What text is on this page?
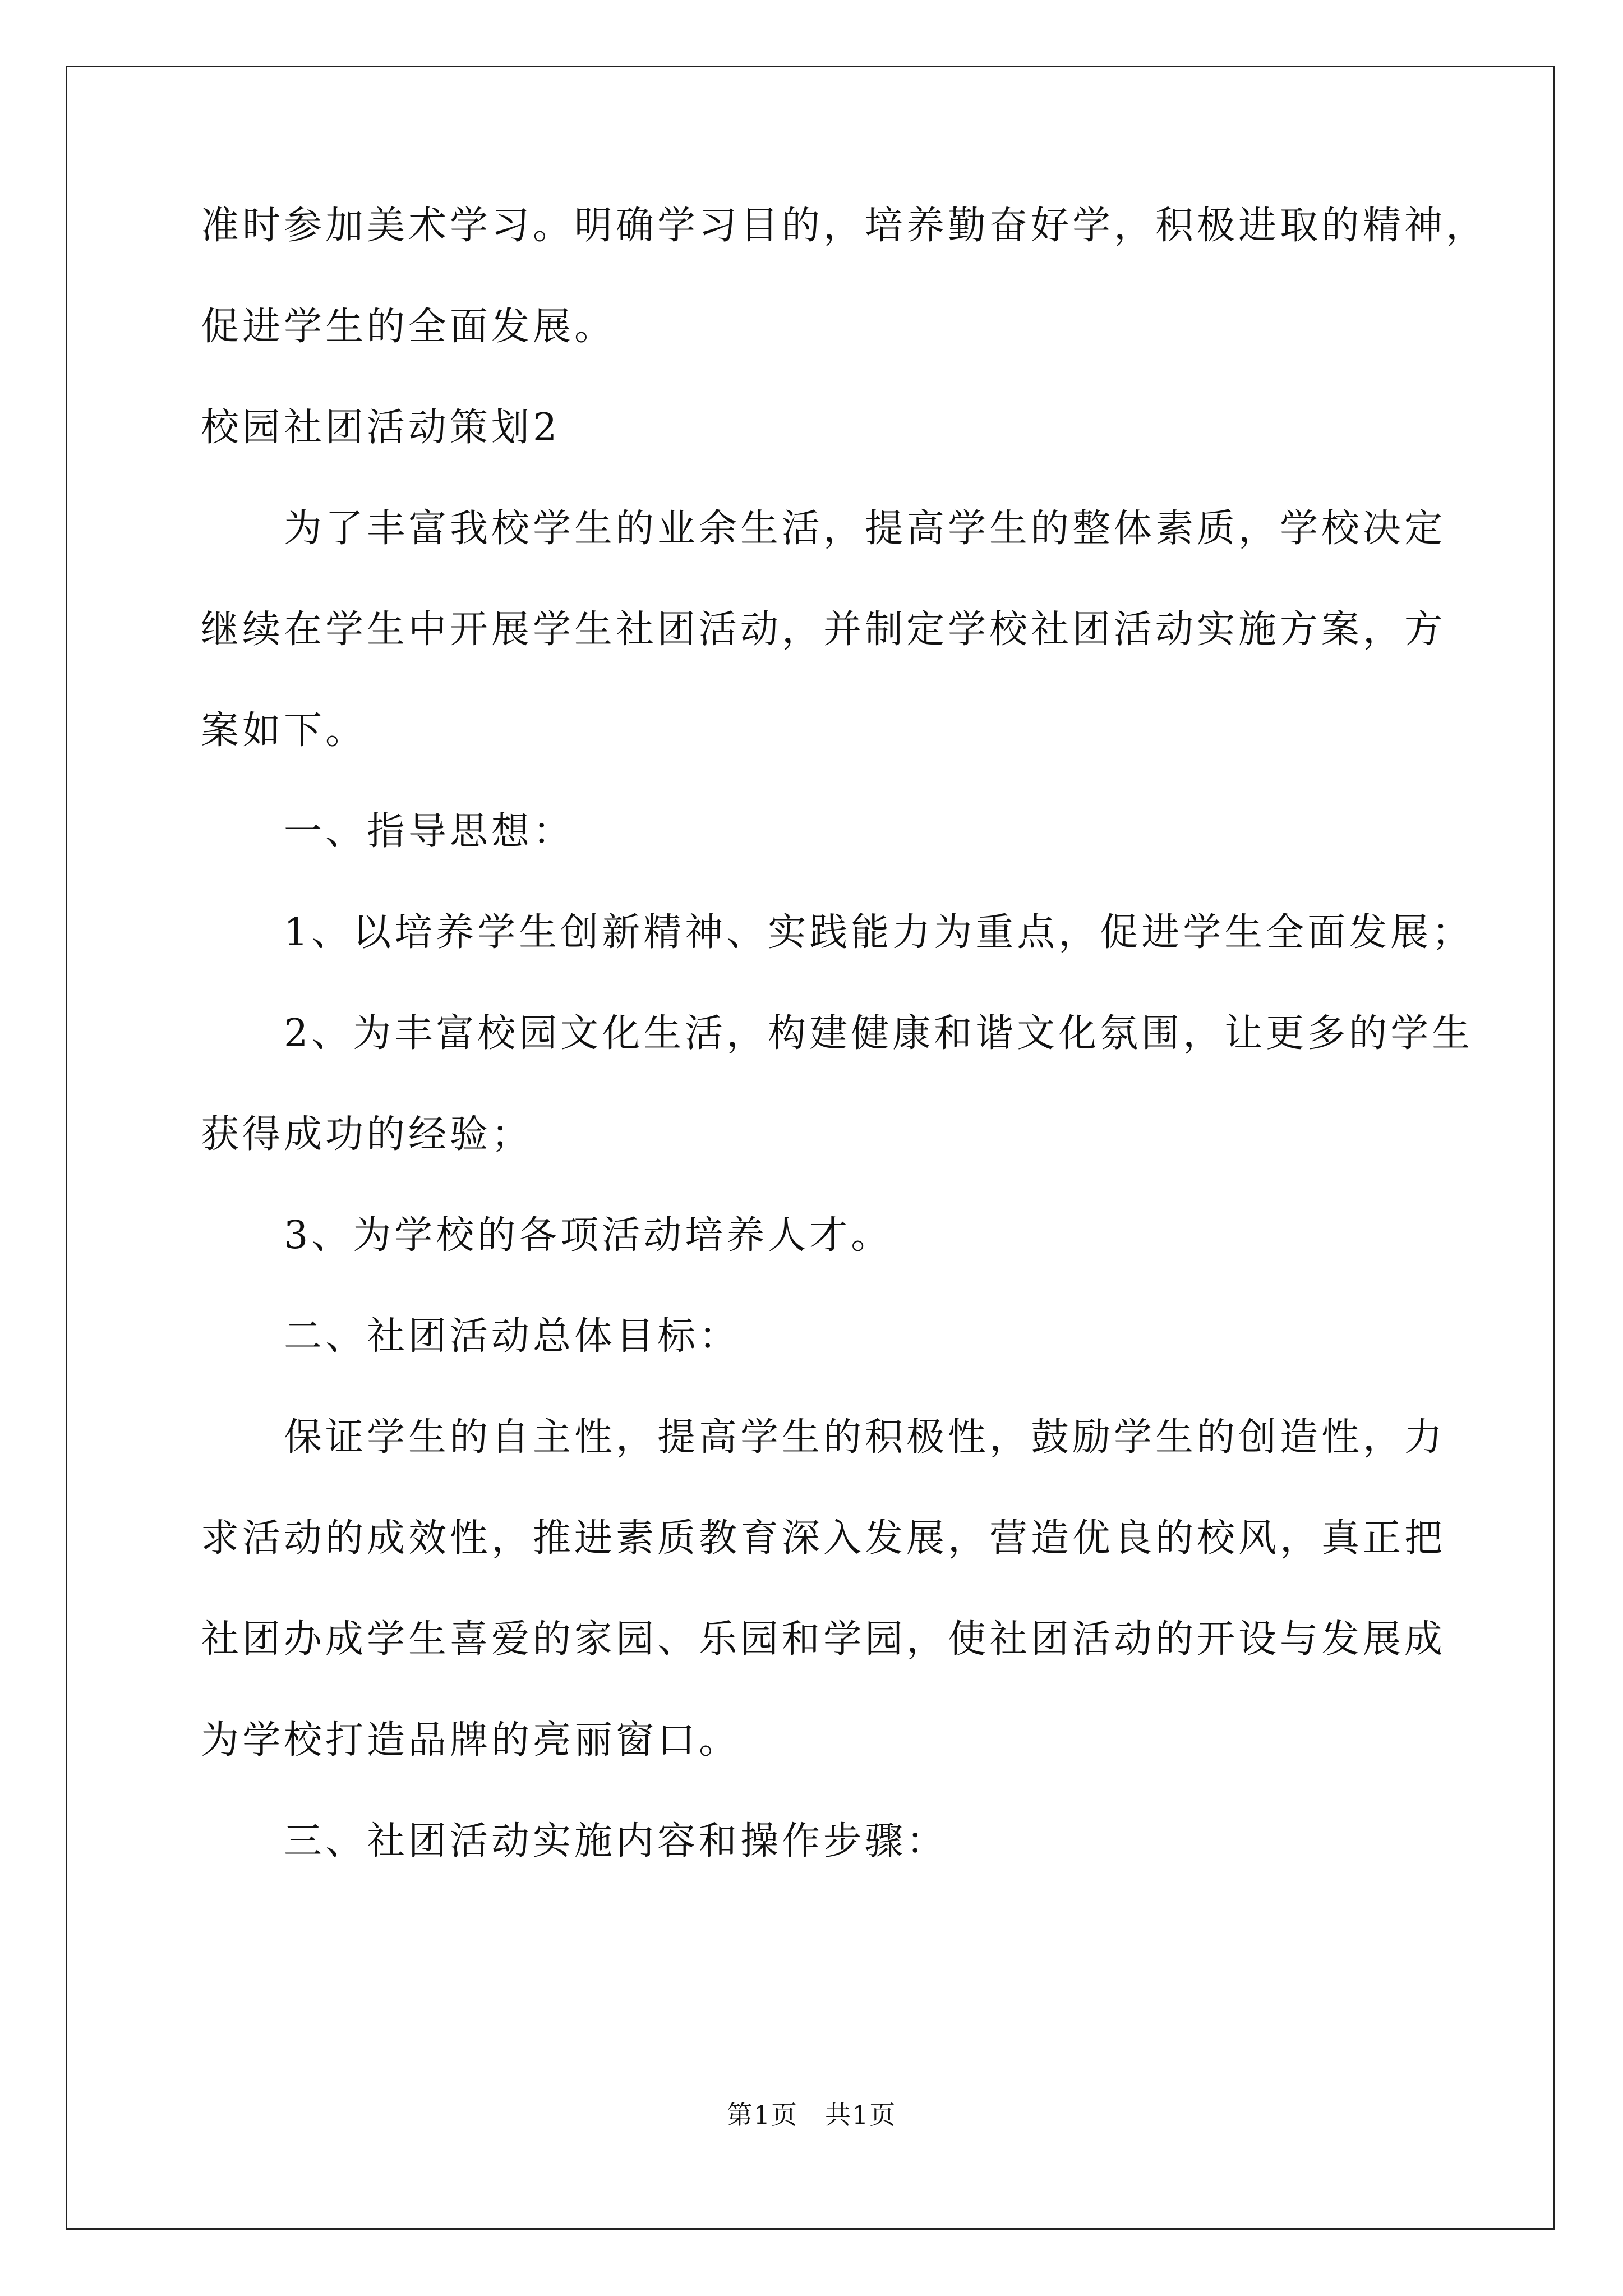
准时参加美术学习。明确学习目的，培养勤奋好学，积极进取的精神，
促进学生的全面发展。
校园社团活动策划2
为了丰富我校学生的业余生活，提高学生的整体素质，学校决定
继续在学生中开展学生社团活动，并制定学校社团活动实施方案，方
案如下。
一、指导思想：
1、以培养学生创新精神、实践能力为重点，促进学生全面发展；
2、为丰富校园文化生活，构建健康和谐文化氛围，让更多的学生
获得成功的经验；
3、为学校的各项活动培养人才。
二、社团活动总体目标：
保证学生的自主性，提高学生的积极性，鼓励学生的创造性，力
求活动的成效性，推进素质教育深入发展，营造优良的校风，真正把
社团办成学生喜爱的家园、乐园和学园，使社团活动的开设与发展成
为学校打造品牌的亮丽窗口。
三、社团活动实施内容和操作步骤：
第1页　共1页
